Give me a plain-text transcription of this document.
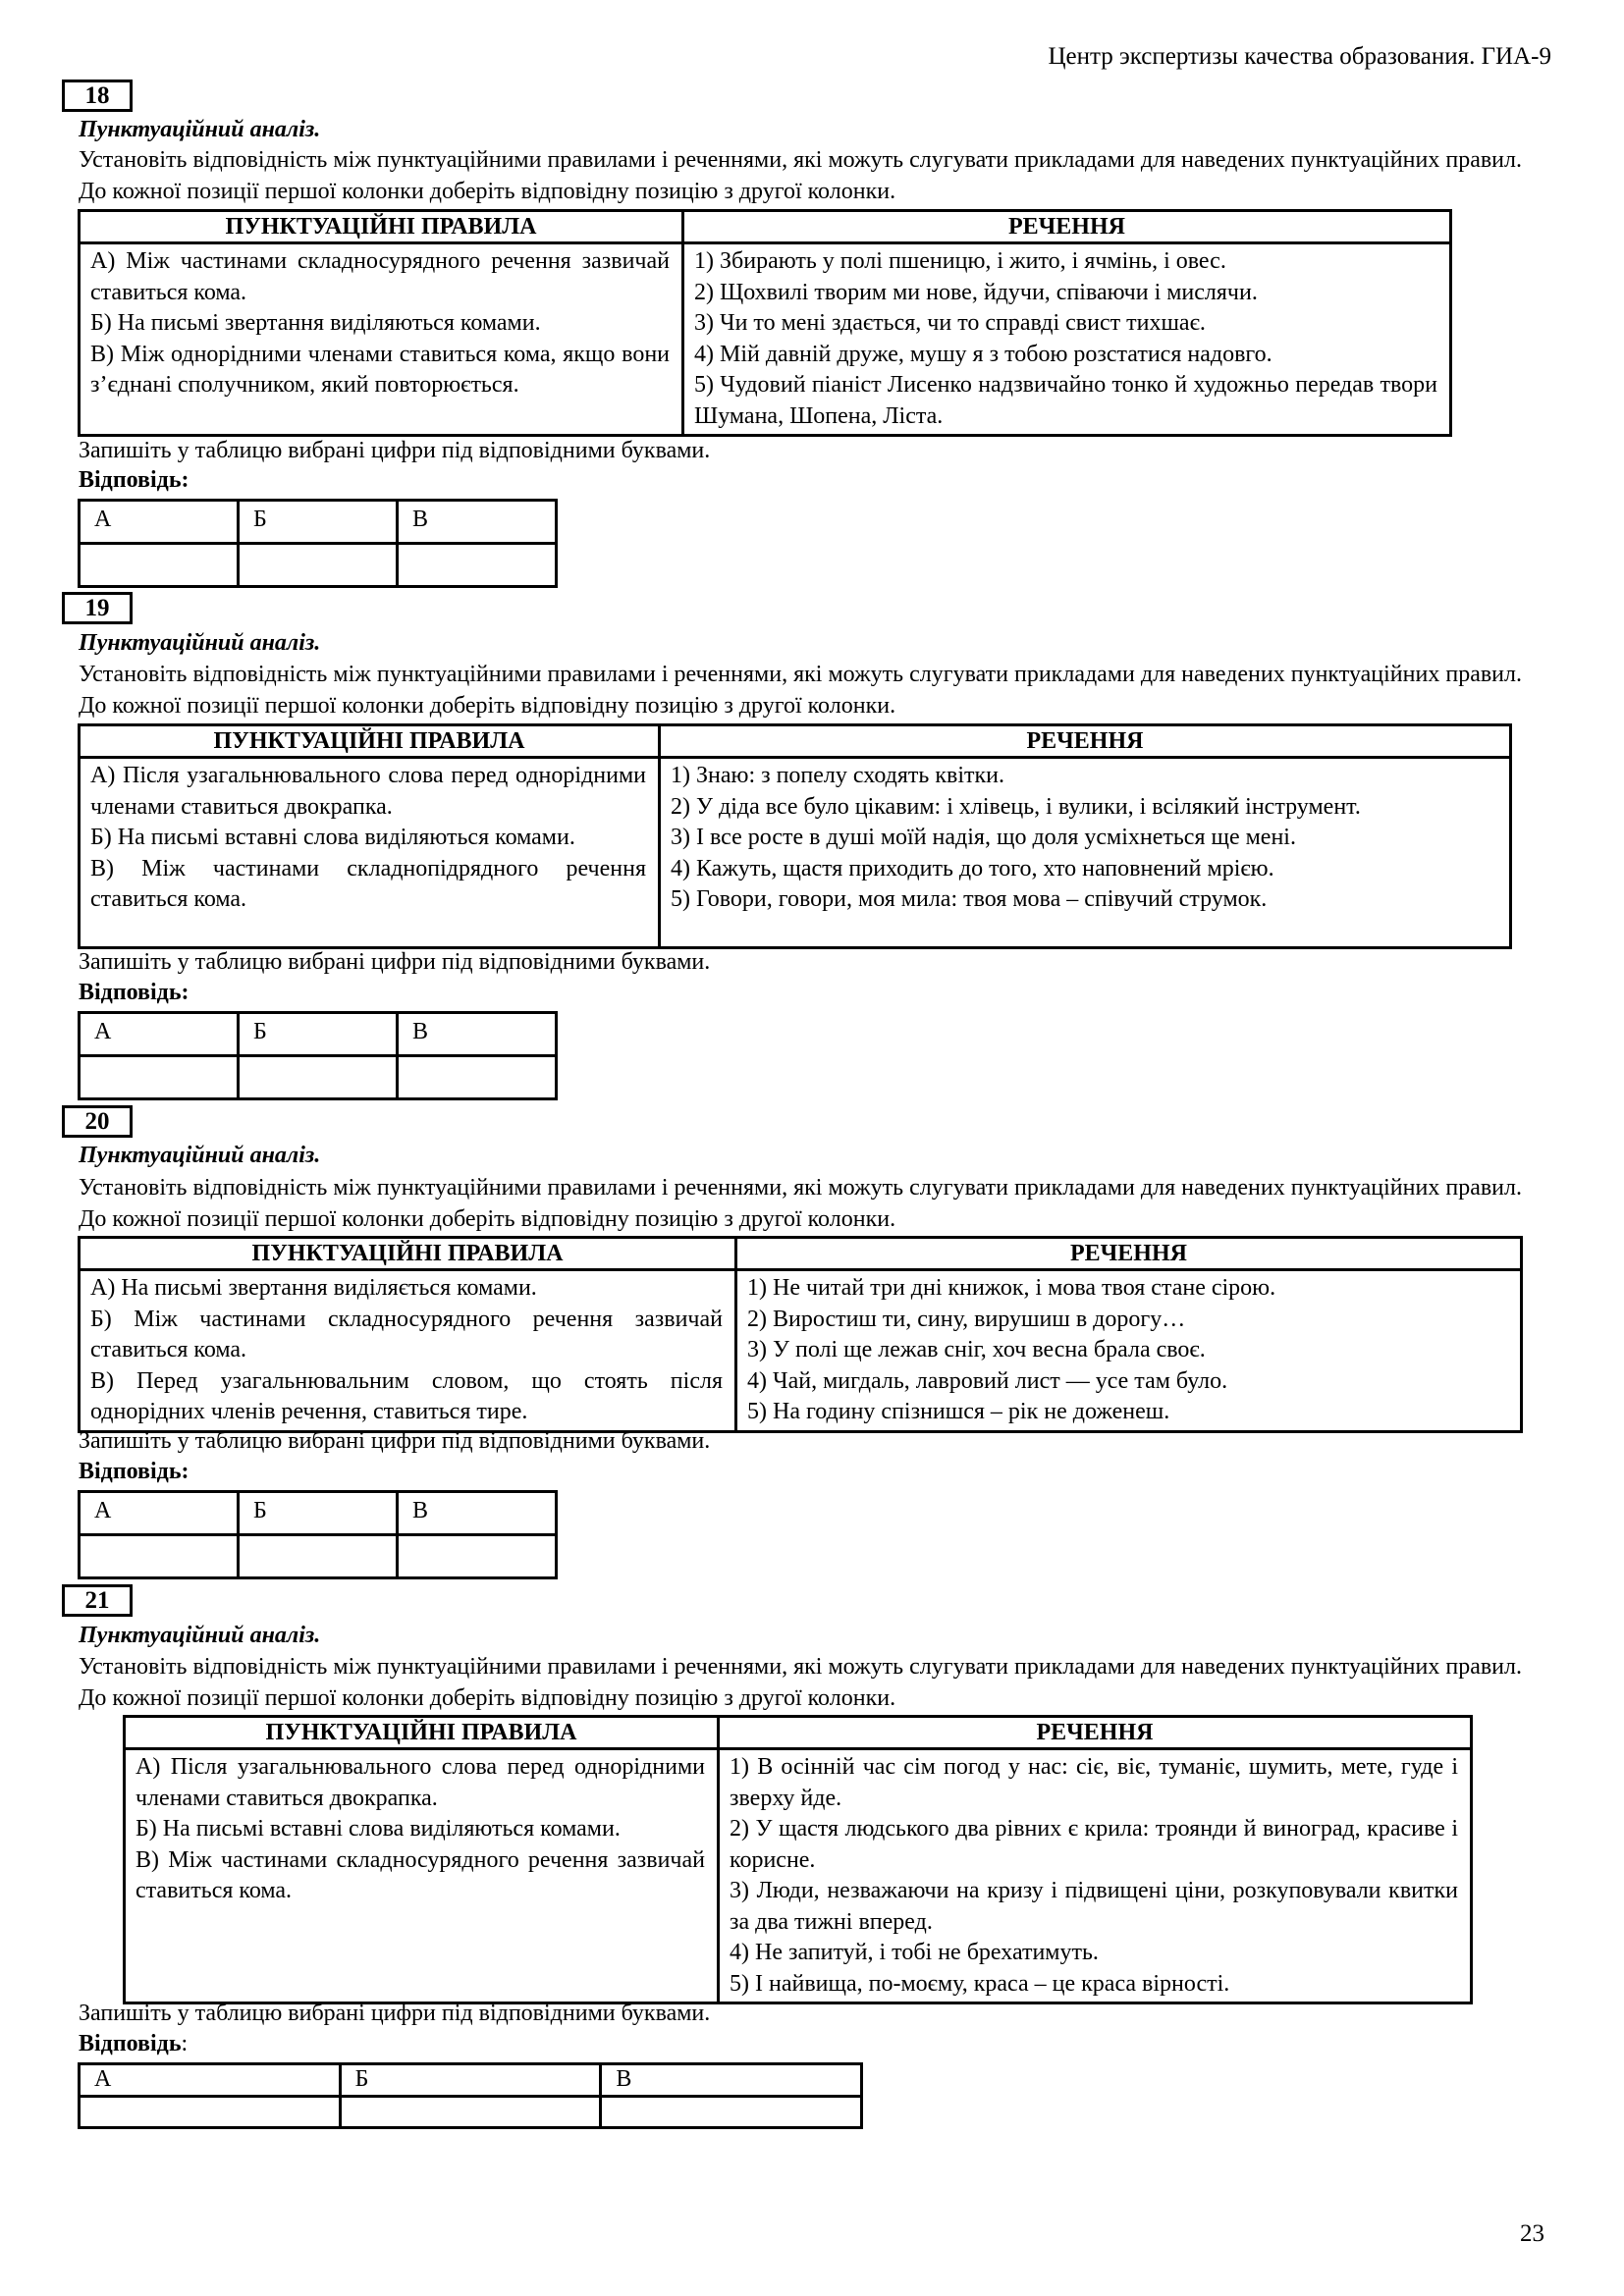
Центр экспертизы качества образования. ГИА-9
18
Пунктуаційний аналіз.
Установіть відповідність між пунктуаційними правилами і реченнями, які можуть слугувати прикладами для наведених пунктуаційних правил. До кожної позиції першої колонки доберіть відповідну позицію з другої колонки.
ПУНКТУАЦІЙНІ ПРАВИЛА	РЕЧЕННЯ

А) Між частинами складносурядного речення зазвичай ставиться кома.
Б) На письмі звертання виділяються комами.
В) Між однорідними членами ставиться кома, якщо вони з’єднані сполучником, який повторюється.

1) Збирають у полі пшеницю, і жито, і ячмінь, і овес.
2) Щохвилі творим ми нове, йдучи, співаючи і мислячи.
3) Чи то мені здається, чи то справді свист тихшає.
4) Мій давній друже, мушу я з тобою розстатися надовго.
5) Чудовий піаніст Лисенко надзвичайно тонко й художньо передав твори Шумана, Шопена, Ліста.
Запишіть у таблицю вибрані цифри під відповідними буквами.
Відповідь:
А	Б	В

19
Пунктуаційний аналіз.
Установіть відповідність між пунктуаційними правилами і реченнями, які можуть слугувати прикладами для наведених пунктуаційних правил. До кожної позиції першої колонки доберіть відповідну позицію з другої колонки.
ПУНКТУАЦІЙНІ ПРАВИЛА	РЕЧЕННЯ

А) Після узагальнювального слова перед однорідними членами ставиться двокрапка.
Б) На письмі вставні слова виділяються комами.
В) Між частинами складнопідрядного речення ставиться кома.

1) Знаю: з попелу сходять квітки.
2) У діда все було цікавим: і хлівець, і вулики, і всілякий інструмент.
3) І все росте в душі моїй надія, що доля усміхнеться ще мені.
4) Кажуть, щастя приходить до того, хто наповнений мрією.
5) Говори, говори, моя мила: твоя мова – співучий струмок.
Запишіть у таблицю вибрані цифри під відповідними буквами.
Відповідь:
А	Б	В

20
Пунктуаційний аналіз.
Установіть відповідність між пунктуаційними правилами і реченнями, які можуть слугувати прикладами для наведених пунктуаційних правил. До кожної позиції першої колонки доберіть відповідну позицію з другої колонки.
ПУНКТУАЦІЙНІ ПРАВИЛА	РЕЧЕННЯ

А) На письмі звертання виділяється комами.
Б) Між частинами складносурядного речення зазвичай ставиться кома.
В) Перед узагальнювальним словом, що стоять після однорідних членів речення, ставиться тире.

1) Не читай три дні книжок, і мова твоя стане сірою.
2) Виростиш ти, сину, вирушиш в дорогу…
3) У полі ще лежав сніг, хоч весна брала своє.
4) Чай, мигдаль, лавровий лист — усе там було.
5) На годину спізнишся – рік не доженеш.
Запишіть у таблицю вибрані цифри під відповідними буквами.
Відповідь:
А	Б	В

21
Пунктуаційний аналіз.
Установіть відповідність між пунктуаційними правилами і реченнями, які можуть слугувати прикладами для наведених пунктуаційних правил. До кожної позиції першої колонки доберіть відповідну позицію з другої колонки.
ПУНКТУАЦІЙНІ ПРАВИЛА	РЕЧЕННЯ

А) Після узагальнювального слова перед однорідними членами ставиться двокрапка.
Б) На письмі вставні слова виділяються комами.
В) Між частинами складносурядного речення зазвичай ставиться кома.

1) В осінній час сім погод у нас: сіє, віє, туманіє, шумить, мете, гуде і зверху йде.
2) У щастя людського два рівних є крила: троянди й виноград, красиве і корисне.
3) Люди, незважаючи на кризу і підвищені ціни, розкуповували квитки за два тижні вперед.
4) Не запитуй, і тобі не брехатимуть.
5) І найвища, по-моєму, краса – це краса вірності.
Запишіть у таблицю вибрані цифри під відповідними буквами.
Відповідь:
А	Б	В

23
